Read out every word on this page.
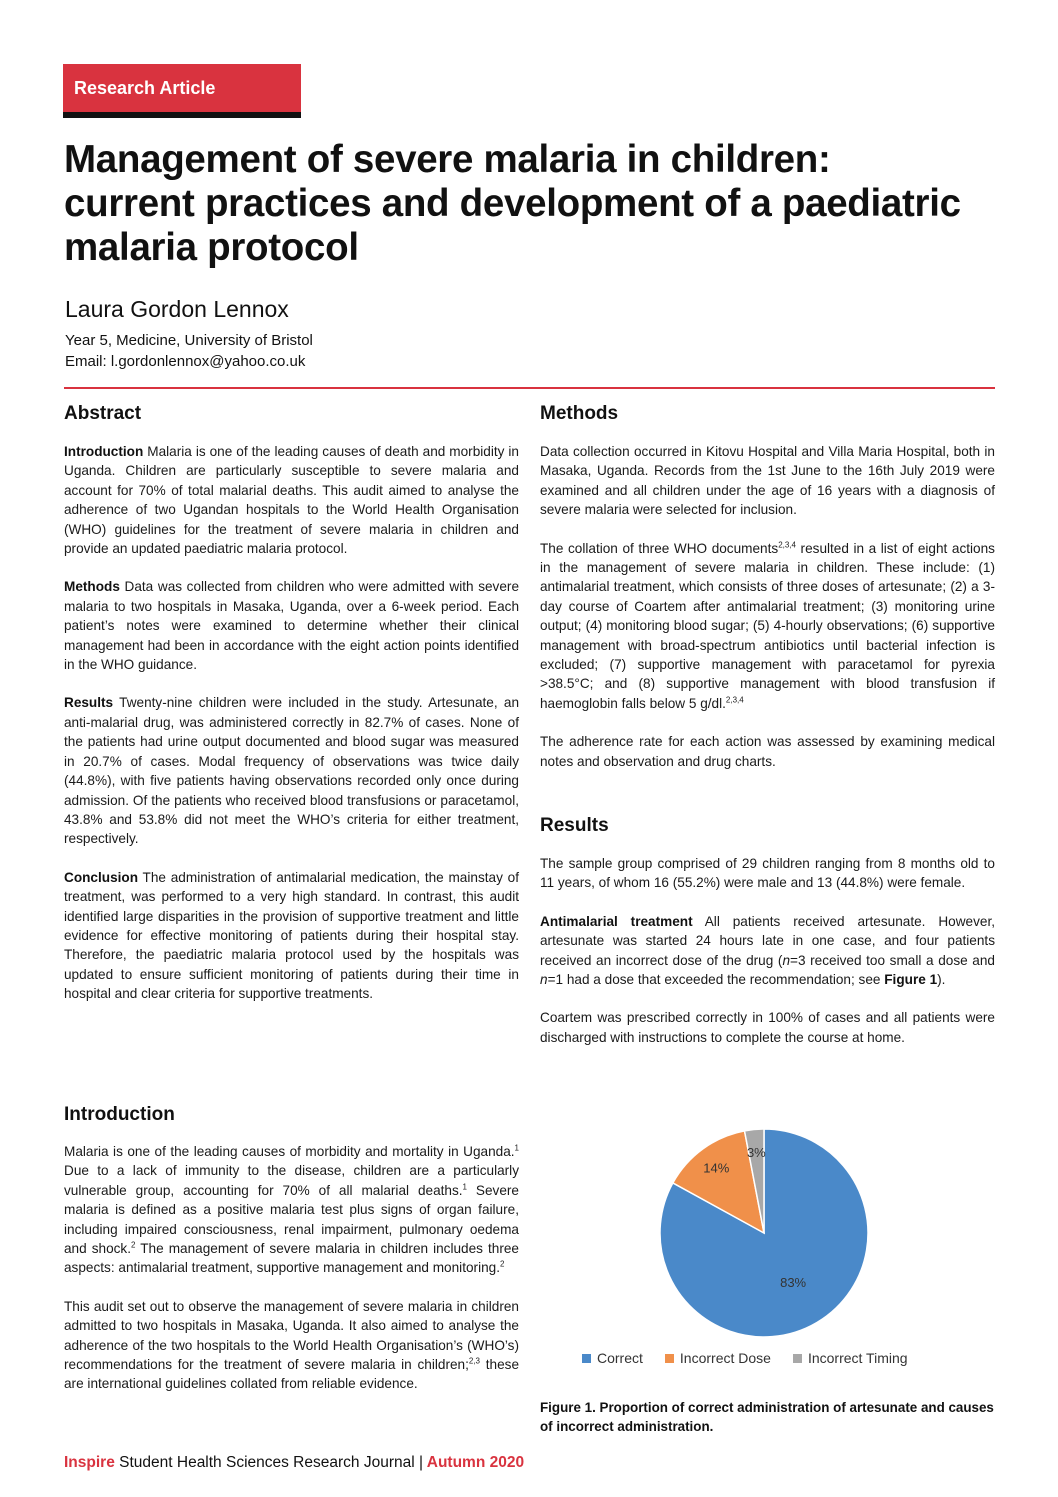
Research Article
Management of severe malaria in children: current practices and development of a paediatric malaria protocol
Laura Gordon Lennox
Year 5, Medicine, University of Bristol
Email: l.gordonlennox@yahoo.co.uk
Abstract

Introduction Malaria is one of the leading causes of death and morbidity in Uganda. Children are particularly susceptible to severe malaria and account for 70% of total malarial deaths. This audit aimed to analyse the adherence of two Ugandan hospitals to the World Health Organisation (WHO) guidelines for the treatment of severe malaria in children and provide an updated paediatric malaria protocol.

Methods Data was collected from children who were admitted with severe malaria to two hospitals in Masaka, Uganda, over a 6-week period. Each patient’s notes were examined to determine whether their clinical management had been in accordance with the eight action points identified in the WHO guidance.

Results Twenty-nine children were included in the study. Artesunate, an anti-malarial drug, was administered correctly in 82.7% of cases. None of the patients had urine output documented and blood sugar was measured in 20.7% of cases. Modal frequency of observations was twice daily (44.8%), with five patients having observations recorded only once during admission. Of the patients who received blood transfusions or paracetamol, 43.8% and 53.8% did not meet the WHO’s criteria for either treatment, respectively.

Conclusion The administration of antimalarial medication, the mainstay of treatment, was performed to a very high standard. In contrast, this audit identified large disparities in the provision of supportive treatment and little evidence for effective monitoring of patients during their hospital stay. Therefore, the paediatric malaria protocol used by the hospitals was updated to ensure sufficient monitoring of patients during their time in hospital and clear criteria for supportive treatments.

Introduction

Malaria is one of the leading causes of morbidity and mortality in Uganda.$^1$ Due to a lack of immunity to the disease, children are a particularly vulnerable group, accounting for 70% of all malarial deaths.$^1$ Severe malaria is defined as a positive malaria test plus signs of organ failure, including impaired consciousness, renal impairment, pulmonary oedema and shock.$^2$ The management of severe malaria in children includes three aspects: antimalarial treatment, supportive management and monitoring.$^2$

This audit set out to observe the management of severe malaria in children admitted to two hospitals in Masaka, Uganda. It also aimed to analyse the adherence of the two hospitals to the World Health Organisation’s (WHO’s) recommendations for the treatment of severe malaria in children;$^{2,3}$ these are international guidelines collated from reliable evidence.

Methods

Data collection occurred in Kitovu Hospital and Villa Maria Hospital, both in Masaka, Uganda. Records from the 1st June to the 16th July 2019 were examined and all children under the age of 16 years with a diagnosis of severe malaria were selected for inclusion.

The collation of three WHO documents$^{2,3,4}$ resulted in a list of eight actions in the management of severe malaria in children. These include: (1) antimalarial treatment, which consists of three doses of artesunate; (2) a 3-day course of Coartem after antimalarial treatment; (3) monitoring urine output; (4) monitoring blood sugar; (5) 4-hourly observations; (6) supportive management with broad-spectrum antibiotics until bacterial infection is excluded; (7) supportive management with paracetamol for pyrexia >38.5°C; and (8) supportive management with blood transfusion if haemoglobin falls below 5 g/dl.$^{2,3,4}$

The adherence rate for each action was assessed by examining medical notes and observation and drug charts.

Results

The sample group comprised of 29 children ranging from 8 months old to 11 years, of whom 16 (55.2%) were male and 13 (44.8%) were female.

Antimalarial treatment All patients received artesunate. However, artesunate was started 24 hours late in one case, and four patients received an incorrect dose of the drug (n=3 received too small a dose and n=1 had a dose that exceeded the recommendation; see Figure 1).

Coartem was prescribed correctly in 100% of cases and all patients were discharged with instructions to complete the course at home.

83%
14%
3%
Correct	Incorrect Dose	Incorrect Timing
Figure 1. Proportion of correct administration of artesunate and causes of incorrect administration.
Inspire Student Health Sciences Research Journal | Autumn 2020
